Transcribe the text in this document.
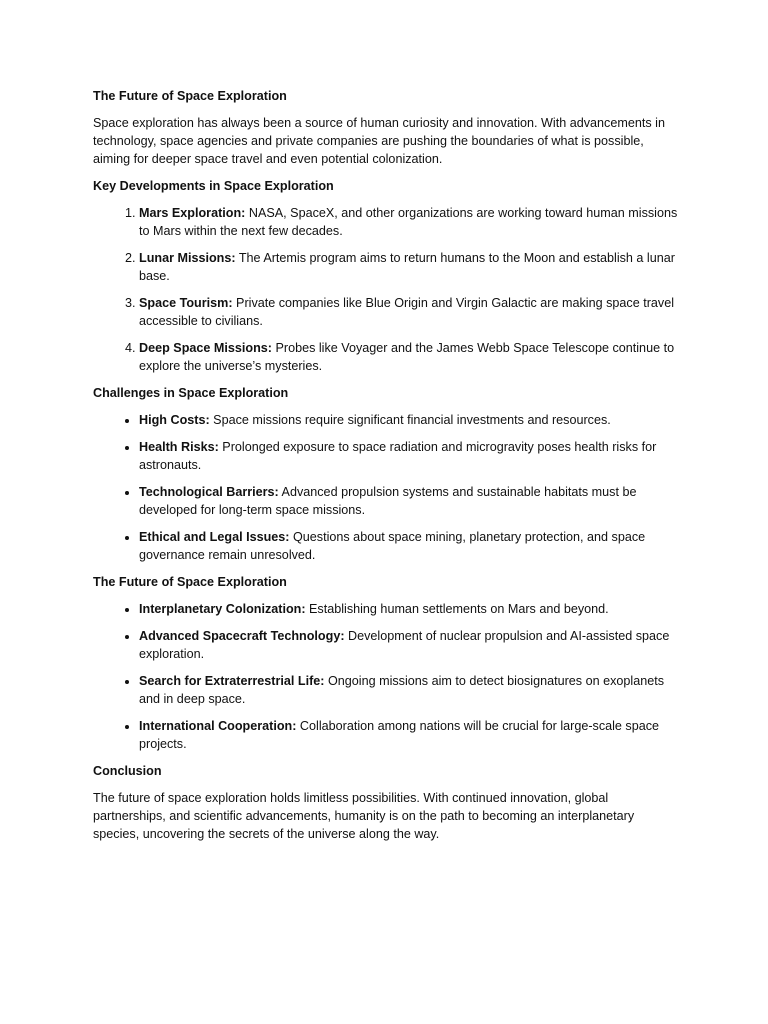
The Future of Space Exploration
Space exploration has always been a source of human curiosity and innovation. With advancements in technology, space agencies and private companies are pushing the boundaries of what is possible, aiming for deeper space travel and even potential colonization.
Key Developments in Space Exploration
1. Mars Exploration: NASA, SpaceX, and other organizations are working toward human missions to Mars within the next few decades.
2. Lunar Missions: The Artemis program aims to return humans to the Moon and establish a lunar base.
3. Space Tourism: Private companies like Blue Origin and Virgin Galactic are making space travel accessible to civilians.
4. Deep Space Missions: Probes like Voyager and the James Webb Space Telescope continue to explore the universe’s mysteries.
Challenges in Space Exploration
• High Costs: Space missions require significant financial investments and resources.
• Health Risks: Prolonged exposure to space radiation and microgravity poses health risks for astronauts.
• Technological Barriers: Advanced propulsion systems and sustainable habitats must be developed for long-term space missions.
• Ethical and Legal Issues: Questions about space mining, planetary protection, and space governance remain unresolved.
The Future of Space Exploration
• Interplanetary Colonization: Establishing human settlements on Mars and beyond.
• Advanced Spacecraft Technology: Development of nuclear propulsion and AI-assisted space exploration.
• Search for Extraterrestrial Life: Ongoing missions aim to detect biosignatures on exoplanets and in deep space.
• International Cooperation: Collaboration among nations will be crucial for large-scale space projects.
Conclusion
The future of space exploration holds limitless possibilities. With continued innovation, global partnerships, and scientific advancements, humanity is on the path to becoming an interplanetary species, uncovering the secrets of the universe along the way.
